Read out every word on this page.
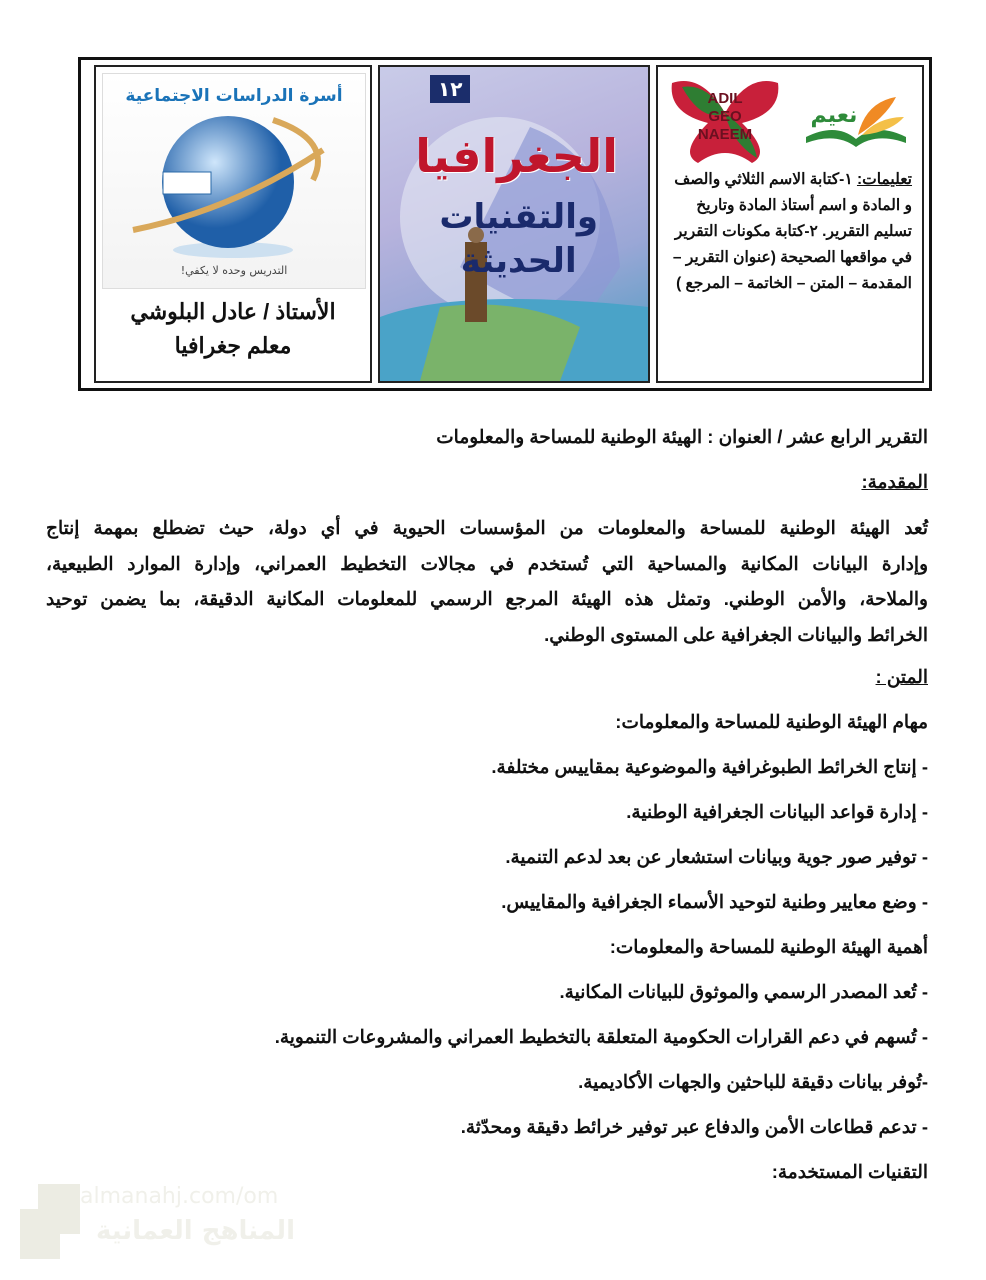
ADIL
GEO
NAEEM
نعيم
تعليمات: ١-كتابة الاسم الثلاثي والصف و المادة و اسم أستاذ المادة وتاريخ تسليم التقرير. ٢-كتابة مكونات التقرير في مواقعها الصحيحة (عنوان التقرير – المقدمة – المتن – الخاتمة – المرجع )
١٢
الجغرافيا
والتقنيات
الحديثة
أسرة الدراسات الاجتماعية
التدريس وحده لا يكفي!
الأستاذ / عادل البلوشي
معلم جغرافيا
التقرير الرابع عشر / العنوان : الهيئة الوطنية للمساحة والمعلومات
المقدمة:
تُعد الهيئة الوطنية للمساحة والمعلومات من المؤسسات الحيوية في أي دولة، حيث تضطلع بمهمة إنتاج
وإدارة البيانات المكانية والمساحية التي تُستخدم في مجالات التخطيط العمراني، وإدارة الموارد الطبيعية،
والملاحة، والأمن الوطني. وتمثل هذه الهيئة المرجع الرسمي للمعلومات المكانية الدقيقة، بما يضمن توحيد
الخرائط والبيانات الجغرافية على المستوى الوطني.
المتن :
مهام الهيئة الوطنية للمساحة والمعلومات:
- إنتاج الخرائط الطبوغرافية والموضوعية بمقاييس مختلفة.
- إدارة قواعد البيانات الجغرافية الوطنية.
- توفير صور جوية وبيانات استشعار عن بعد لدعم التنمية.
- وضع معايير وطنية لتوحيد الأسماء الجغرافية والمقاييس.
أهمية الهيئة الوطنية للمساحة والمعلومات:
- تُعد المصدر الرسمي والموثوق للبيانات المكانية.
- تُسهم في دعم القرارات الحكومية المتعلقة بالتخطيط العمراني والمشروعات التنموية.
-تُوفر بيانات دقيقة للباحثين والجهات الأكاديمية.
- تدعم قطاعات الأمن والدفاع عبر توفير خرائط دقيقة ومحدّثة.
التقنيات المستخدمة:
almanahj.com/om
المناهج العمانية
